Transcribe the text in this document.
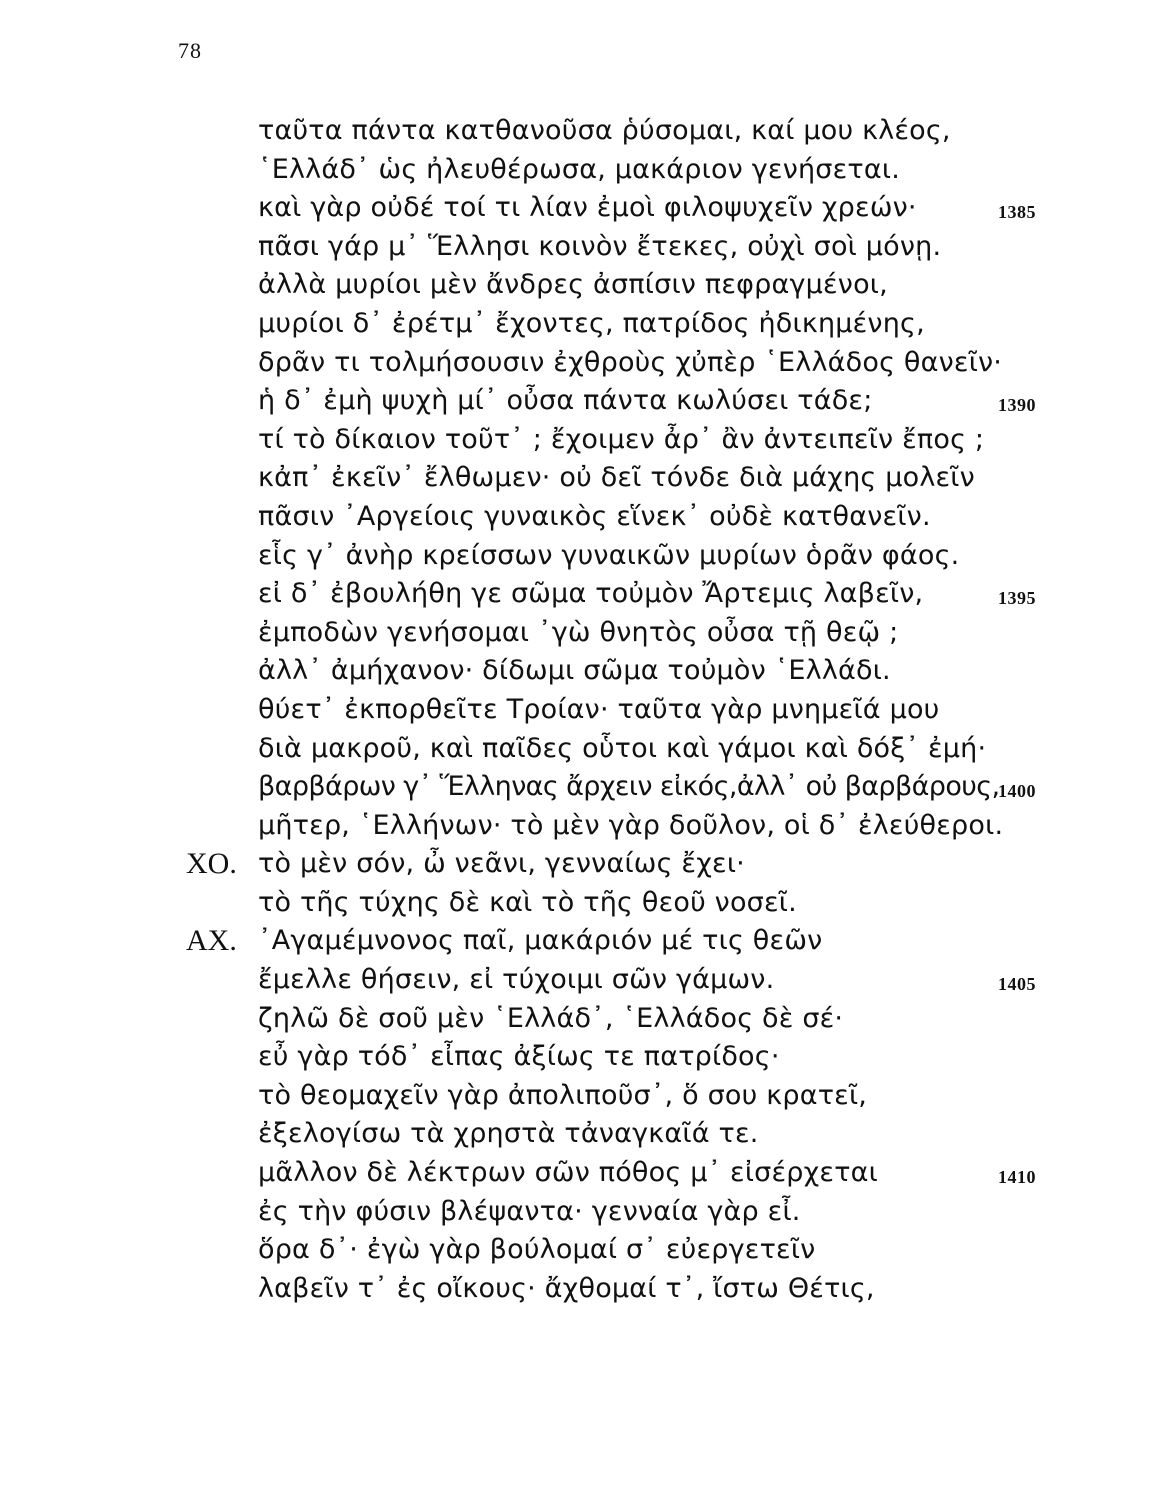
78
ταῦτα πάντα κατθανοῦσα ῥύσομαι, καί μου κλέος,
῾Ελλάδ᾽ ὡς ἠλευθέρωσα, μακάριον γενήσεται.
καὶ γὰρ οὐδέ τοί τι λίαν ἐμοὶ φιλοψυχεῖν χρεών·	1385
πᾶσι γάρ μ᾽ Ἕλλησι κοινὸν ἔτεκες, οὐχὶ σοὶ μόνῃ.
ἀλλὰ μυρίοι μὲν ἄνδρες ἀσπίσιν πεφραγμένοι,
μυρίοι δ᾽ ἐρέτμ᾽ ἔχοντες, πατρίδος ἠδικημένης,
δρᾶν τι τολμήσουσιν ἐχθροὺς χὐπὲρ ῾Ελλάδος θανεῖν·
ἡ δ᾽ ἐμὴ ψυχὴ μί᾽ οὖσα πάντα κωλύσει τάδε;	1390
τί τὸ δίκαιον τοῦτ᾽ ; ἔχοιμεν ἆρ᾽ ἂν ἀντειπεῖν ἔπος ;
κἀπ᾽ ἐκεῖν᾽ ἔλθωμεν· οὐ δεῖ τόνδε διὰ μάχης μολεῖν
πᾶσιν ᾽Αργείοις γυναικὸς εἵνεκ᾽ οὐδὲ κατθανεῖν.
εἷς γ᾽ ἀνὴρ κρείσσων γυναικῶν μυρίων ὁρᾶν φάος.
εἰ δ᾽ ἐβουλήθη γε σῶμα τοὐμὸν Ἄρτεμις λαβεῖν,	1395
ἐμποδὼν γενήσομαι ᾽γὼ θνητὸς οὖσα τῇ θεῷ ;
ἀλλ᾽ ἀμήχανον· δίδωμι σῶμα τοὐμὸν ῾Ελλάδι.
θύετ᾽ ἐκπορθεῖτε Τροίαν· ταῦτα γὰρ μνημεῖά μου
διὰ μακροῦ, καὶ παῖδες οὗτοι καὶ γάμοι καὶ δόξ᾽ ἐμή·
βαρβάρων γ᾽ Ἕλληνας ἄρχειν εἰκός,ἀλλ᾽ οὐ βαρβάρους,
1400
μῆτερ, ῾Ελλήνων· τὸ μὲν γὰρ δοῦλον, οἱ δ᾽ ἐλεύθεροι.
ΧΟ. τὸ μὲν σόν, ὦ νεᾶνι, γενναίως ἔχει·
τὸ τῆς τύχης δὲ καὶ τὸ τῆς θεοῦ νοσεῖ.
ΑΧ. ᾽Αγαμέμνονος παῖ, μακάριόν μέ τις θεῶν
ἔμελλε θήσειν, εἰ τύχοιμι σῶν γάμων.	1405
ζηλῶ δὲ σοῦ μὲν ῾Ελλάδ᾽, ῾Ελλάδος δὲ σέ·
εὖ γὰρ τόδ᾽ εἶπας ἀξίως τε πατρίδος·
τὸ θεομαχεῖν γὰρ ἀπολιποῦσ᾽, ὅ σου κρατεῖ,
ἐξελογίσω τὰ χρηστὰ τἀναγκαῖά τε.
μᾶλλον δὲ λέκτρων σῶν πόθος μ᾽ εἰσέρχεται	1410
ἐς τὴν φύσιν βλέψαντα· γενναία γὰρ εἶ.
ὅρα δ᾽· ἐγὼ γὰρ βούλομαί σ᾽ εὐεργετεῖν
λαβεῖν τ᾽ ἐς οἴκους· ἄχθομαί τ᾽, ἴστω Θέτις,
